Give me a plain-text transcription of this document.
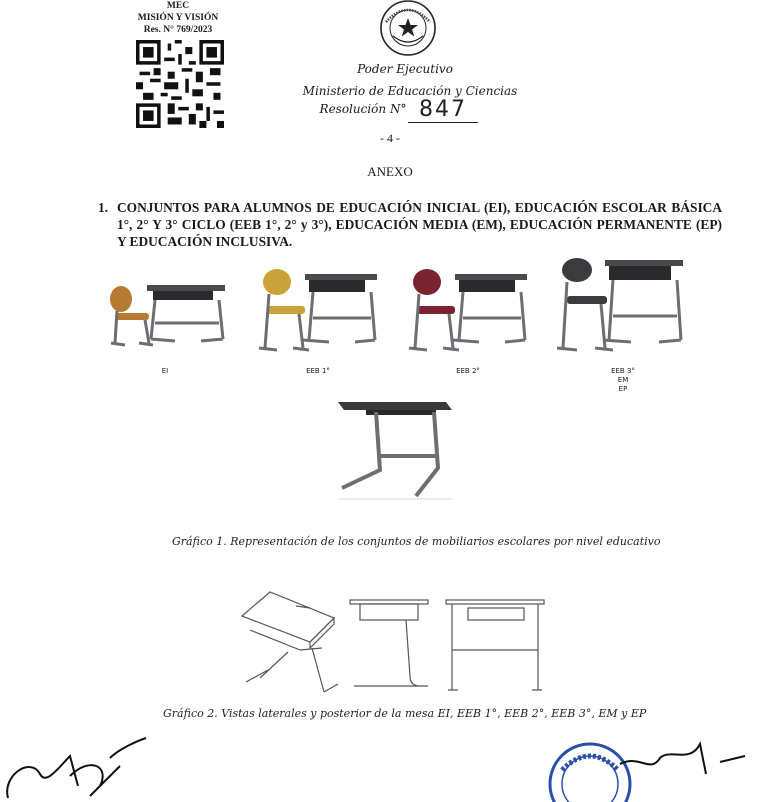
MEC
MISIÓN Y VISIÓN
Res. N° 769/2023
Poder Ejecutivo
Ministerio de Educación y Ciencias
Resolución N° 847
- 4 -
ANEXO
1. CONJUNTOS PARA ALUMNOS DE EDUCACIÓN INICIAL (EI), EDUCACIÓN ESCOLAR BÁSICA 1°, 2° Y 3° CICLO (EEB 1°, 2° y 3°), EDUCACIÓN MEDIA (EM), EDUCACIÓN PERMANENTE (EP) Y EDUCACIÓN INCLUSIVA.
EI	EEB 1°	EEB 2°	EEB 3°
EM
EP
Gráfico 1. Representación de los conjuntos de mobiliarios escolares por nivel educativo
Gráfico 2. Vistas laterales y posterior de la mesa EI, EEB 1°, EEB 2°, EEB 3°, EM y EP
